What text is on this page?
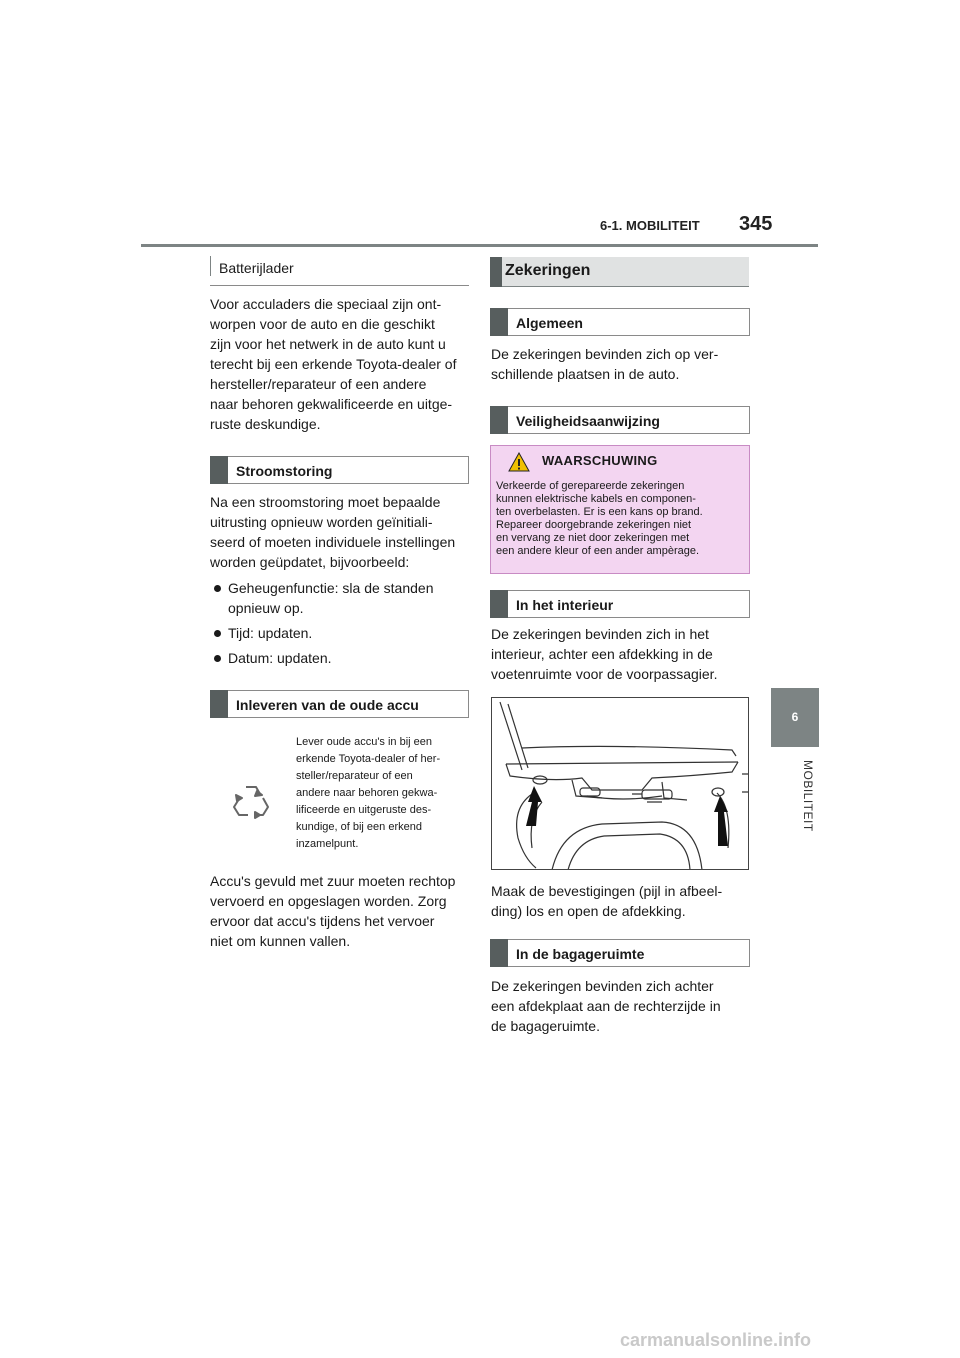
6-1. MOBILITEIT 345
6
MOBILITEIT
Batterijlader
Voor acculaders die speciaal zijn ont-
worpen voor de auto en die geschikt
zijn voor het netwerk in de auto kunt u
terecht bij een erkende Toyota-dealer of
hersteller/reparateur of een andere
naar behoren gekwalificeerde en uitge-
ruste deskundige.
Stroomstoring
Na een stroomstoring moet bepaalde
uitrusting opnieuw worden geïnitiali-
seerd of moeten individuele instellingen
worden geüpdatet, bijvoorbeeld:
Geheugenfunctie: sla de standen
opnieuw op.
Tijd: updaten.
Datum: updaten.
Inleveren van de oude accu
Lever oude accu's in bij een
erkende Toyota-dealer of her-
steller/reparateur of een
andere naar behoren gekwa-
lificeerde en uitgeruste des-
kundige, of bij een erkend
inzamelpunt.
Accu's gevuld met zuur moeten rechtop
vervoerd en opgeslagen worden. Zorg
ervoor dat accu's tijdens het vervoer
niet om kunnen vallen.
Zekeringen
Algemeen
De zekeringen bevinden zich op ver-
schillende plaatsen in de auto.
Veiligheidsaanwijzing
WAARSCHUWING
Verkeerde of gerepareerde zekeringen
kunnen elektrische kabels en componen-
ten overbelasten. Er is een kans op brand.
Repareer doorgebrande zekeringen niet
en vervang ze niet door zekeringen met
een andere kleur of een ander ampèrage.
In het interieur
De zekeringen bevinden zich in het
interieur, achter een afdekking in de
voetenruimte voor de voorpassagier.
Maak de bevestigingen (pijl in afbeel-
ding) los en open de afdekking.
In de bagageruimte
De zekeringen bevinden zich achter
een afdekplaat aan de rechterzijde in
de bagageruimte.
carmanualsonline.info
